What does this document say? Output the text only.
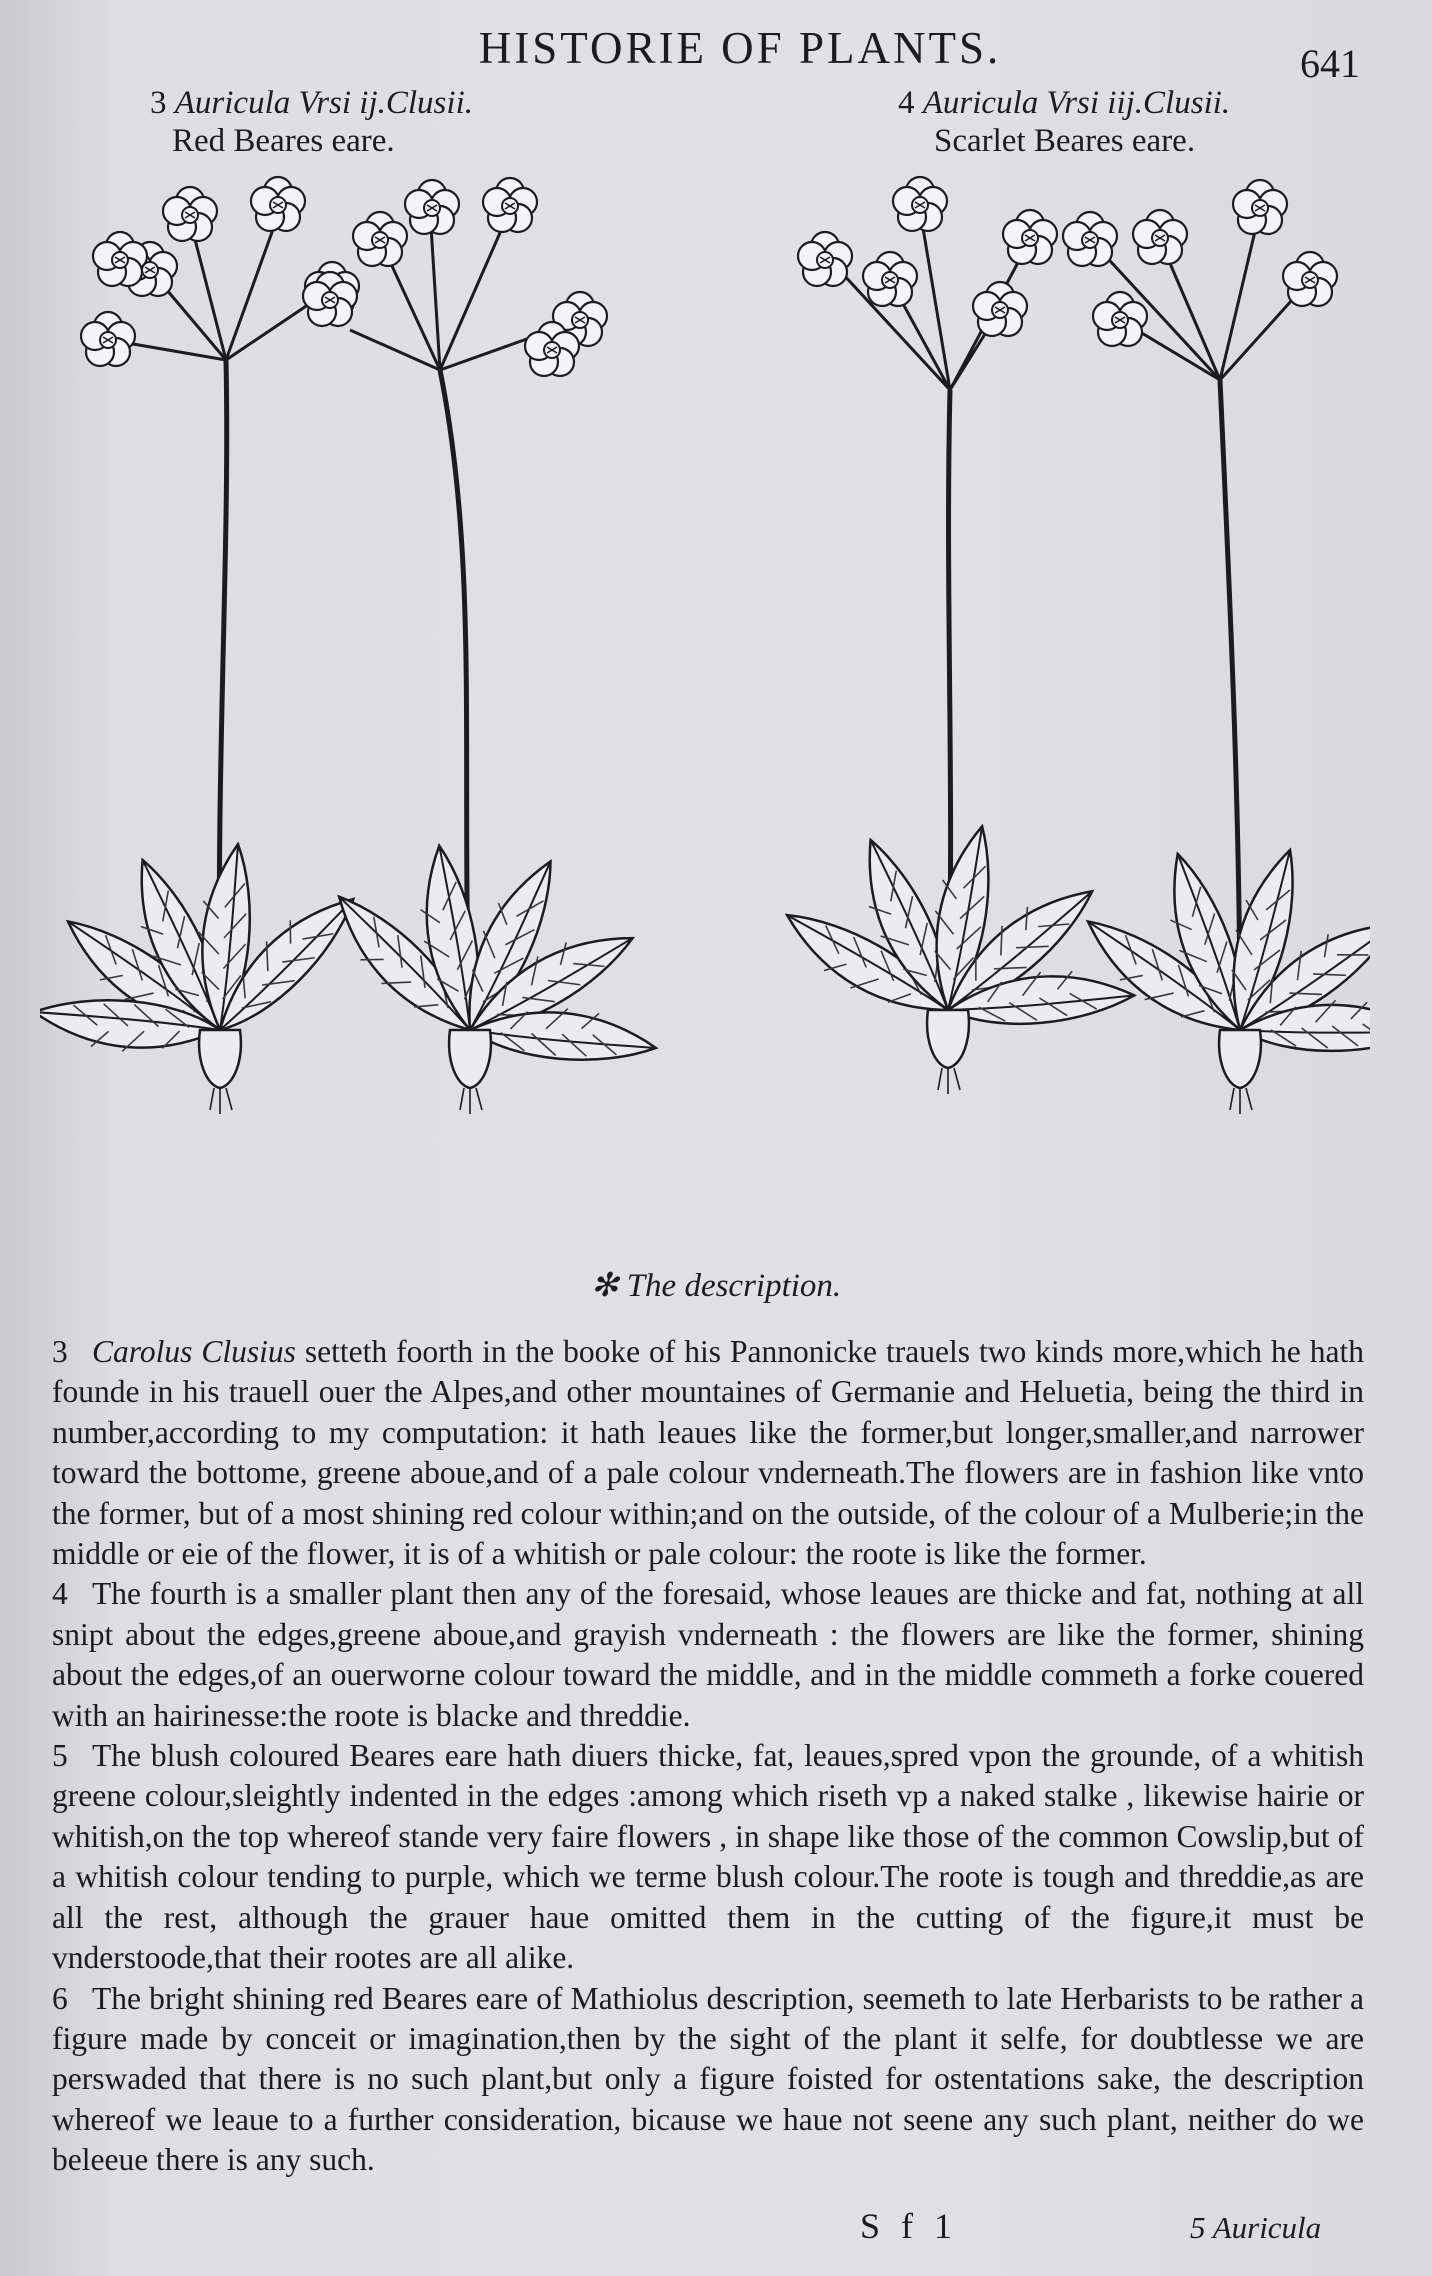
HISTORIE OF PLANTS.	641
3 Auricula Vrsi ij.Clusii.
Red Beares eare.
4 Auricula Vrsi iij.Clusii.
Scarlet Beares eare.
✻ The description.

3 Carolus Clusius setteth foorth in the booke of his Pannonicke trauels two kinds more,which he hath founde in his trauell ouer the Alpes,and other mountaines of Germanie and Heluetia, being the third in number,according to my computation: it hath leaues like the former,but longer,smaller,and narrower toward the bottome, greene aboue,and of a pale colour vnderneath.The flowers are in fashion like vnto the former, but of a most shining red colour within;and on the outside, of the colour of a Mulberie;in the middle or eie of the flower, it is of a whitish or pale colour: the roote is like the former.

4 The fourth is a smaller plant then any of the foresaid, whose leaues are thicke and fat, nothing at all snipt about the edges,greene aboue,and grayish vnderneath : the flowers are like the former, shining about the edges,of an ouerworne colour toward the middle, and in the middle commeth a forke couered with an hairinesse:the roote is blacke and threddie.

5 The blush coloured Beares eare hath diuers thicke, fat, leaues,spred vpon the grounde, of a whitish greene colour,sleightly indented in the edges :among which riseth vp a naked stalke , likewise hairie or whitish,on the top whereof stande very faire flowers , in shape like those of the common Cowslip,but of a whitish colour tending to purple, which we terme blush colour.The roote is tough and threddie,as are all the rest, although the grauer haue omitted them in the cutting of the figure,it must be vnderstoode,that their rootes are all alike.

6 The bright shining red Beares eare of Mathiolus description, seemeth to late Herbarists to be rather a figure made by conceit or imagination,then by the sight of the plant it selfe, for doubtlesse we are perswaded that there is no such plant,but only a figure foisted for ostentations sake, the description whereof we leaue to a further consideration, bicause we haue not seene any such plant, neither do we beleeue there is any such.

S f 1	5 Auricula
